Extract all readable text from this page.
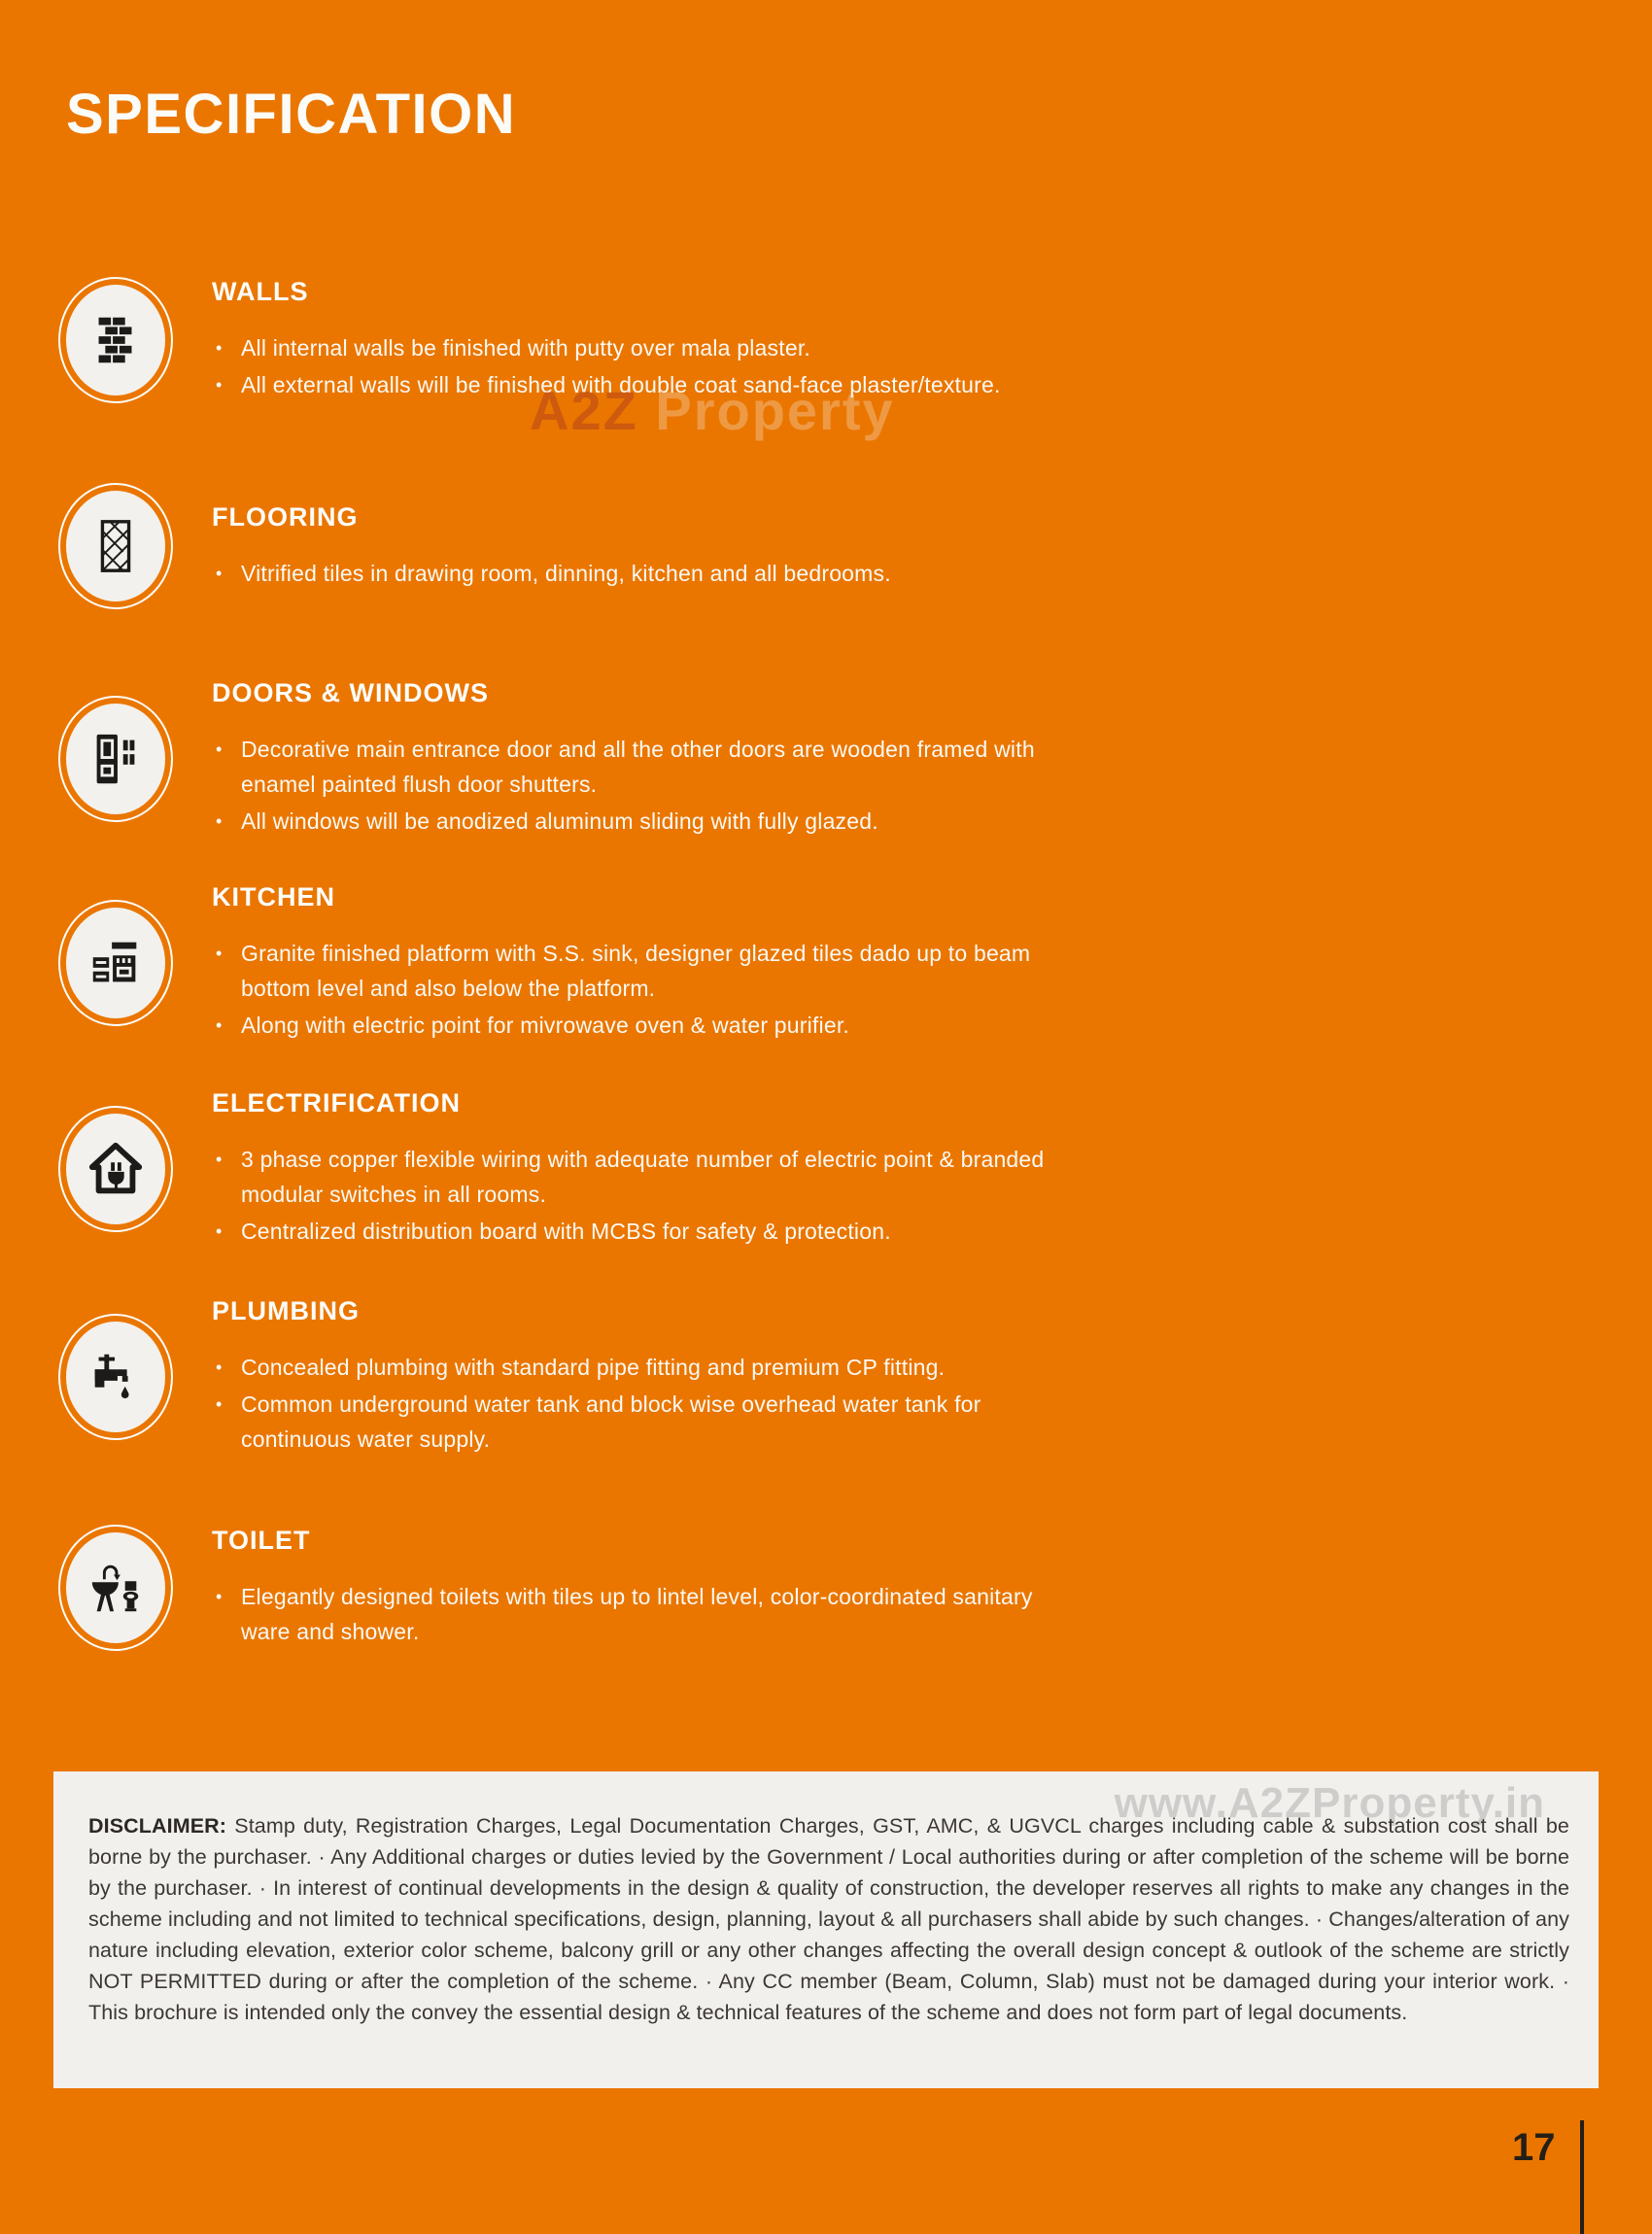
SPECIFICATION
WALLS
• All internal walls be finished with putty over mala plaster.
• All external walls will be finished with double coat sand-face plaster/texture.
FLOORING
• Vitrified tiles in drawing room, dinning, kitchen and all bedrooms.
DOORS & WINDOWS
• Decorative main entrance door and all the other doors are wooden framed with enamel painted flush door shutters.
• All windows will be anodized aluminum sliding with fully glazed.
KITCHEN
• Granite finished platform with S.S. sink, designer glazed tiles dado up to beam bottom level and also below the platform.
• Along with electric point for mivrowave oven & water purifier.
ELECTRIFICATION
• 3 phase copper flexible wiring with adequate number of electric point & branded modular switches in all rooms.
• Centralized distribution board with MCBS for safety & protection.
PLUMBING
• Concealed plumbing with standard pipe fitting and premium CP fitting.
• Common underground water tank and block wise overhead water tank for continuous water supply.
TOILET
• Elegantly designed toilets with tiles up to lintel level, color-coordinated sanitary ware and shower.
A2Z Property
www.A2ZProperty.in
DISCLAIMER: Stamp duty, Registration Charges, Legal Documentation Charges, GST, AMC, & UGVCL charges including cable & substation cost shall be borne by the purchaser. · Any Additional charges or duties levied by the Government / Local authorities during or after completion of the scheme will be borne by the purchaser. · In interest of continual developments in the design & quality of construction, the developer reserves all rights to make any changes in the scheme including and not limited to technical specifications, design, planning, layout & all purchasers shall abide by such changes. · Changes/alteration of any nature including elevation, exterior color scheme, balcony grill or any other changes affecting the overall design concept & outlook of the scheme are strictly NOT PERMITTED during or after the completion of the scheme. · Any CC member (Beam, Column, Slab) must not be damaged during your interior work. · This brochure is intended only the convey the essential design & technical features of the scheme and does not form part of legal documents.
17
